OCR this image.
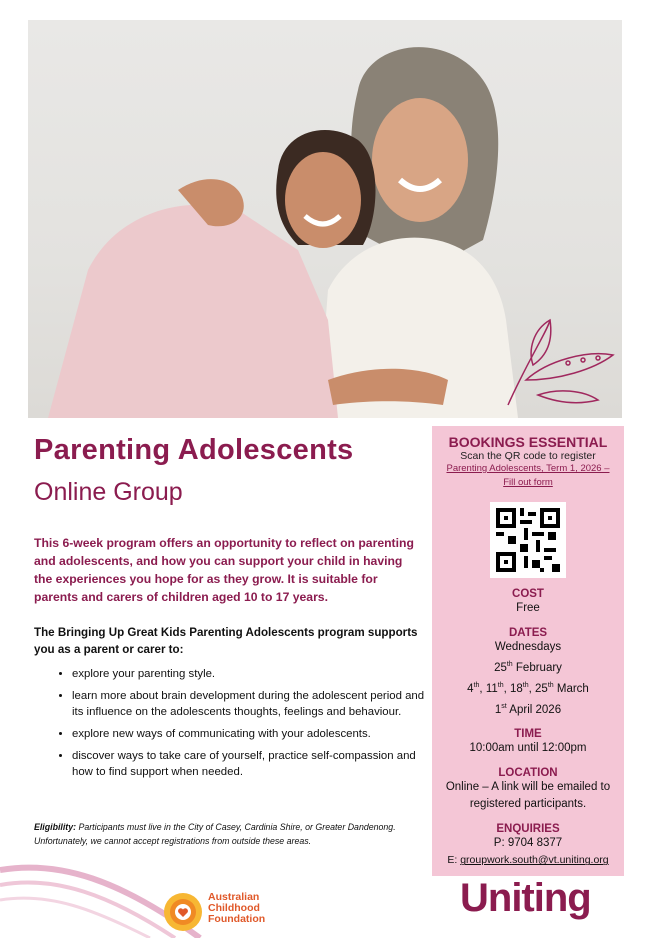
Parenting Adolescents
Online Group
This 6-week program offers an opportunity to reflect on parenting and adolescents, and how you can support your child in having the experiences you hope for as they grow. It is suitable for parents and carers of children aged 10 to 17 years.
The Bringing Up Great Kids Parenting Adolescents program supports you as a parent or carer to:
• explore your parenting style.
• learn more about brain development during the adolescent period and its influence on the adolescents thoughts, feelings and behaviour.
• explore new ways of communicating with your adolescents.
• discover ways to take care of yourself, practice self-compassion and how to find support when needed.
Eligibility: Participants must live in the City of Casey, Cardinia Shire, or Greater Dandenong. Unfortunately, we cannot accept registrations from outside these areas.
BOOKINGS ESSENTIAL
Scan the QR code to register
Parenting Adolescents, Term 1, 2026 – Fill out form
COST
Free
DATES
Wednesdays
25th February
4th, 11th, 18th, 25th March
1st April 2026
TIME
10:00am until 12:00pm
LOCATION
Online – A link will be emailed to registered participants.
ENQUIRIES
P: 9704 8377
E: groupwork.south@vt.uniting.org
Australian
Childhood
Foundation	Uniting
